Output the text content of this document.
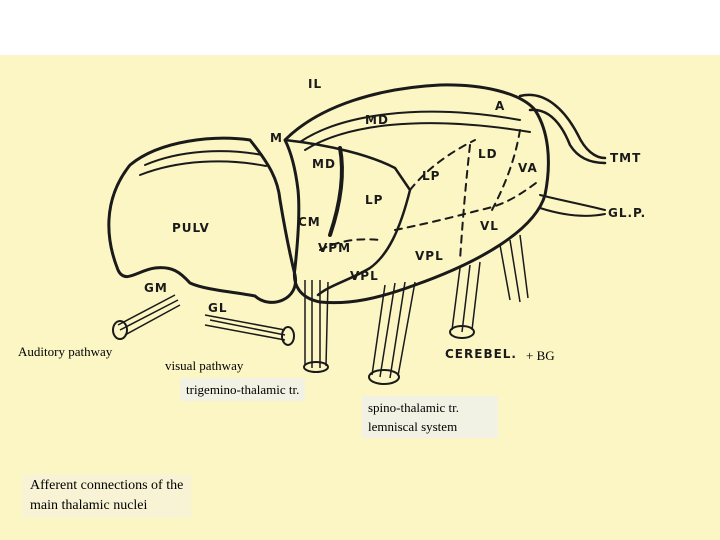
IL
A
M
MD
MD	TMT
LD
VA
LP
LP
GL.P.
PULV	CM	VL
VPM
VPL
VPL
GM
GL
CEREBEL.
Auditory pathway
visual pathway
trigemino-thalamic tr.
+ BG
spino-thalamic tr.
lemniscal system
Afferent connections of the
main thalamic nuclei
